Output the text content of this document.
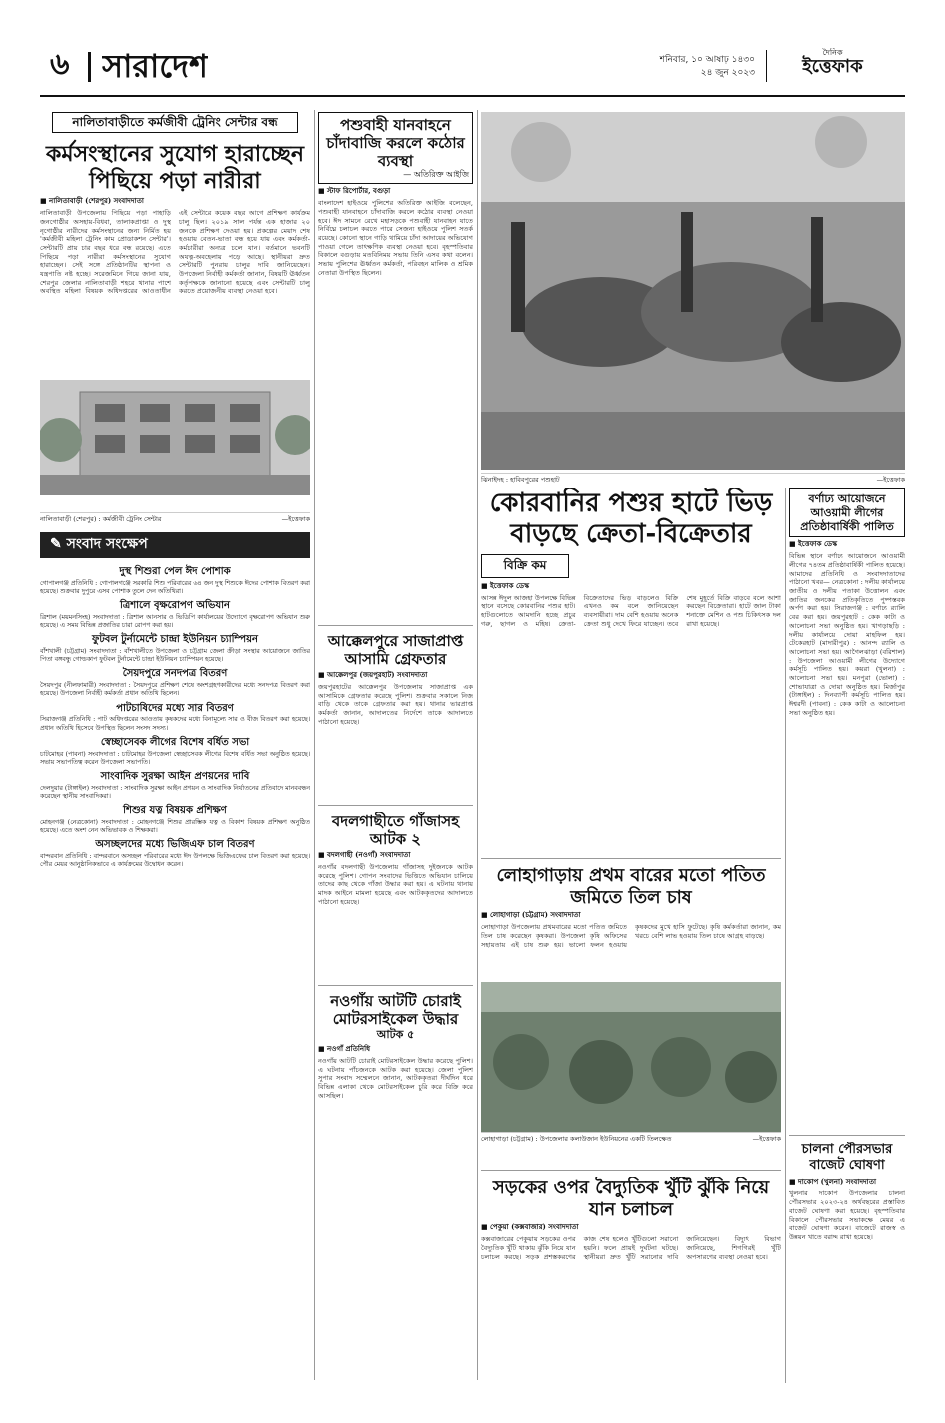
৬ সারাদেশ	শনিবার, ১০ আষাঢ় ১৪৩০
২৪ জুন ২০২৩
দৈনিক
ইত্তেফাক
নালিতাবাড়ীতে কর্মজীবী ট্রেনিং সেন্টার বন্ধ
কর্মসংস্থানের সুযোগ হারাচ্ছেন পিছিয়ে পড়া নারীরা
■ নালিতাবাড়ী (শেরপুর) সংবাদদাতা
নালিতাবাড়ী উপজেলায় পিছিয়ে পড়া পাহাড়ি জনগোষ্ঠীর অসহায়-বিধবা, তালাকপ্রাপ্তা ও দুস্থ নৃগোষ্ঠীর নারীদের কর্মসংস্থানের জন্য নির্মিত হয় 'কর্মজীবী মহিলা ট্রেনিং কাম প্রোডাকশন সেন্টার'। সেন্টারটি প্রায় চার বছর ধরে বন্ধ রয়েছে। এতে পিছিয়ে পড়া নারীরা কর্মসংস্থানের সুযোগ হারাচ্ছেন। সেই সঙ্গে প্রতিষ্ঠানটির স্থাপনা ও যন্ত্রপাতি নষ্ট হচ্ছে। সরেজমিনে গিয়ে জানা যায়, শেরপুর জেলার নালিতাবাড়ী শহরে থানার পাশে অবস্থিত মহিলা বিষয়ক অধিদপ্তরের আওতাধীন এই সেন্টারে কয়েক বছর আগে প্রশিক্ষণ কার্যক্রম চালু ছিল। ২০১৯ সাল পর্যন্ত এক হাজার ২০ জনকে প্রশিক্ষণ দেওয়া হয়। প্রকল্পের মেয়াদ শেষ হওয়ায় বেতন-ভাতা বন্ধ হয়ে যায় এবং কর্মকর্তা-কর্মচারীরা অন্যত্র চলে যান। বর্তমানে ভবনটি অযত্ন-অবহেলায় পড়ে আছে। স্থানীয়রা দ্রুত সেন্টারটি পুনরায় চালুর দাবি জানিয়েছেন। উপজেলা নির্বাহী কর্মকর্তা জানান, বিষয়টি ঊর্ধ্বতন কর্তৃপক্ষকে জানানো হয়েছে এবং সেন্টারটি চালু করতে প্রয়োজনীয় ব্যবস্থা নেওয়া হবে।
নালিতাবাড়ী (শেরপুর) : কর্মজীবী ট্রেনিং সেন্টার	—ইত্তেফাক
✎ সংবাদ সংক্ষেপ
দুস্থ শিশুরা পেল ঈদ পোশাক
গোপালগঞ্জ প্রতিনিধি : গোপালগঞ্জে সরকারি শিশু পরিবারের ৬৪ জন দুস্থ শিশুকে ঈদের পোশাক বিতরণ করা হয়েছে। শুক্রবার দুপুরে এসব পোশাক তুলে দেন অতিথিরা।
ত্রিশালে বৃক্ষরোপণ অভিযান
ত্রিশাল (ময়মনসিংহ) সংবাদদাতা : ত্রিশাল আনসার ও ভিডিপি কার্যালয়ের উদ্যোগে বৃক্ষরোপণ অভিযান শুরু হয়েছে। এ সময় বিভিন্ন প্রজাতির চারা রোপণ করা হয়।
ফুটবল টুর্নামেন্টে চান্দ্রা ইউনিয়ন চ্যাম্পিয়ন
বাঁশখালী (চট্টগ্রাম) সংবাদদাতা : বাঁশখালীতে উপজেলা ও চট্টগ্রাম জেলা ক্রীড়া সংস্থার আয়োজনে জাতির পিতা বঙ্গবন্ধু গোল্ডকাপ ফুটবল টুর্নামেন্টে চান্দ্রা ইউনিয়ন চ্যাম্পিয়ন হয়েছে।
সৈয়দপুরে সনদপত্র বিতরণ
সৈয়দপুর (নীলফামারী) সংবাদদাতা : সৈয়দপুরে প্রশিক্ষণ শেষে অংশগ্রহণকারীদের মধ্যে সনদপত্র বিতরণ করা হয়েছে। উপজেলা নির্বাহী কর্মকর্তা প্রধান অতিথি ছিলেন।
পাটচাষিদের মধ্যে সার বিতরণ
সিরাজগঞ্জ প্রতিনিধি : পাট অধিদপ্তরের আওতায় কৃষকদের মধ্যে বিনামূল্যে সার ও বীজ বিতরণ করা হয়েছে। প্রধান অতিথি হিসেবে উপস্থিত ছিলেন সংসদ সদস্য।
স্বেচ্ছাসেবক লীগের বিশেষ বর্ধিত সভা
চাটমোহর (পাবনা) সংবাদদাতা : চাটমোহর উপজেলা স্বেচ্ছাসেবক লীগের বিশেষ বর্ধিত সভা অনুষ্ঠিত হয়েছে। সভায় সভাপতিত্ব করেন উপজেলা সভাপতি।
সাংবাদিক সুরক্ষা আইন প্রণয়নের দাবি
দেলদুয়ার (টাঙ্গাইল) সংবাদদাতা : সাংবাদিক সুরক্ষা আইন প্রণয়ন ও সাংবাদিক নির্যাতনের প্রতিবাদে মানববন্ধন করেছেন স্থানীয় সাংবাদিকরা।
শিশুর যত্ন বিষয়ক প্রশিক্ষণ
মোহনগঞ্জ (নেত্রকোনা) সংবাদদাতা : মোহনগঞ্জে শিশুর প্রারম্ভিক যত্ন ও বিকাশ বিষয়ক প্রশিক্ষণ অনুষ্ঠিত হয়েছে। এতে অংশ নেন অভিভাবক ও শিক্ষকরা।
অসচ্ছলদের মধ্যে ভিজিএফ চাল বিতরণ
বান্দরবান প্রতিনিধি : বান্দরবানে অসচ্ছল পরিবারের মধ্যে ঈদ উপলক্ষে ভিজিএফের চাল বিতরণ করা হয়েছে। পৌর মেয়র আনুষ্ঠানিকভাবে এ কার্যক্রমের উদ্বোধন করেন।
পশুবাহী যানবাহনে চাঁদাবাজি করলে কঠোর ব্যবস্থা
— অতিরিক্ত আইজি
■ স্টাফ রিপোর্টার, বগুড়া
বাংলাদেশ হাইওয়ে পুলিশের অতিরিক্ত আইজি বলেছেন, পশুবাহী যানবাহনে চাঁদাবাজি করলে কঠোর ব্যবস্থা নেওয়া হবে। ঈদ সামনে রেখে মহাসড়কে পশুবাহী যানবাহন যাতে নির্বিঘ্নে চলাচল করতে পারে সেজন্য হাইওয়ে পুলিশ সতর্ক রয়েছে। কোনো স্থানে গাড়ি থামিয়ে চাঁদা আদায়ের অভিযোগ পাওয়া গেলে তাৎক্ষণিক ব্যবস্থা নেওয়া হবে। বৃহস্পতিবার বিকালে বগুড়ায় মতবিনিময় সভায় তিনি এসব কথা বলেন। সভায় পুলিশের ঊর্ধ্বতন কর্মকর্তা, পরিবহন মালিক ও শ্রমিক নেতারা উপস্থিত ছিলেন।
আক্কেলপুরে সাজাপ্রাপ্ত আসামি গ্রেফতার
■ আক্কেলপুর (জয়পুরহাট) সংবাদদাতা
জয়পুরহাটের আক্কেলপুর উপজেলায় সাজাপ্রাপ্ত এক আসামিকে গ্রেফতার করেছে পুলিশ। শুক্রবার সকালে নিজ বাড়ি থেকে তাকে গ্রেফতার করা হয়। থানার ভারপ্রাপ্ত কর্মকর্তা জানান, আদালতের নির্দেশে তাকে আদালতে পাঠানো হয়েছে।
বদলগাছীতে গাঁজাসহ আটক ২
■ বদলগাছী (নওগাঁ) সংবাদদাতা
নওগাঁর বদলগাছী উপজেলায় গাঁজাসহ দুইজনকে আটক করেছে পুলিশ। গোপন সংবাদের ভিত্তিতে অভিযান চালিয়ে তাদের কাছ থেকে গাঁজা উদ্ধার করা হয়। এ ঘটনায় থানায় মাদক আইনে মামলা হয়েছে এবং আটককৃতদের আদালতে পাঠানো হয়েছে।
নওগাঁয় আটটি চোরাই মোটরসাইকেল উদ্ধার
আটক ৫
■ নওগাঁ প্রতিনিধি
নওগাঁয় আটটি চোরাই মোটরসাইকেল উদ্ধার করেছে পুলিশ। এ ঘটনায় পাঁচজনকে আটক করা হয়েছে। জেলা পুলিশ সুপার সংবাদ সম্মেলনে জানান, আটককৃতরা দীর্ঘদিন ধরে বিভিন্ন এলাকা থেকে মোটরসাইকেল চুরি করে বিক্রি করে আসছিল।
ঝিনাইদহ : হাবিবপুরের পশুহাট	—ইত্তেফাক
কোরবানির পশুর হাটে ভিড় বাড়ছে ক্রেতা-বিক্রেতার
বিক্রি কম
■ ইত্তেফাক ডেস্ক
আসন্ন ঈদুল আজহা উপলক্ষে বিভিন্ন স্থানে বসেছে কোরবানির পশুর হাট। হাটগুলোতে আমদানি হচ্ছে প্রচুর গরু, ছাগল ও মহিষ। ক্রেতা-বিক্রেতাদের ভিড় বাড়লেও বিক্রি এখনও কম বলে জানিয়েছেন ব্যবসায়ীরা। দাম বেশি হওয়ায় অনেক ক্রেতা শুধু দেখে ফিরে যাচ্ছেন। তবে শেষ মুহূর্তে বিক্রি বাড়বে বলে আশা করছেন বিক্রেতারা। হাটে জাল টাকা শনাক্তে মেশিন ও পশু চিকিৎসক দল রাখা হয়েছে।
লোহাগাড়ায় প্রথম বারের মতো পতিত জমিতে তিল চাষ
■ লোহাগাড়া (চট্টগ্রাম) সংবাদদাতা
লোহাগাড়া উপজেলায় প্রথমবারের মতো পতিত জমিতে তিল চাষ করেছেন কৃষকরা। উপজেলা কৃষি অফিসের সহায়তায় এই চাষ শুরু হয়। ভালো ফলন হওয়ায় কৃষকদের মুখে হাসি ফুটেছে। কৃষি কর্মকর্তারা জানান, কম খরচে বেশি লাভ হওয়ায় তিল চাষে আগ্রহ বাড়ছে।
লোহাগাড়া (চট্টগ্রাম) : উপজেলার কলাউজান ইউনিয়নের একটি তিলক্ষেত	—ইত্তেফাক
সড়কের ওপর বৈদ্যুতিক খুঁটি ঝুঁকি নিয়ে যান চলাচল
■ পেকুয়া (কক্সবাজার) সংবাদদাতা
কক্সবাজারের পেকুয়ায় সড়কের ওপর বৈদ্যুতিক খুঁটি থাকায় ঝুঁকি নিয়ে যান চলাচল করছে। সড়ক প্রশস্তকরণের কাজ শেষ হলেও খুঁটিগুলো সরানো হয়নি। ফলে প্রায়ই দুর্ঘটনা ঘটছে। স্থানীয়রা দ্রুত খুঁটি সরানোর দাবি জানিয়েছেন। বিদ্যুৎ বিভাগ জানিয়েছে, শিগগিরই খুঁটি অপসারণের ব্যবস্থা নেওয়া হবে।
বর্ণাঢ্য আয়োজনে আওয়ামী লীগের প্রতিষ্ঠাবার্ষিকী পালিত
■ ইত্তেফাক ডেস্ক
বিভিন্ন স্থানে বর্ণাঢ্য আয়োজনে আওয়ামী লীগের ৭৪তম প্রতিষ্ঠাবার্ষিকী পালিত হয়েছে। আমাদের প্রতিনিধি ও সংবাদদাতাদের পাঠানো খবর— নেত্রকোনা : দলীয় কার্যালয়ে জাতীয় ও দলীয় পতাকা উত্তোলন এবং জাতির জনকের প্রতিকৃতিতে পুষ্পস্তবক অর্পণ করা হয়। সিরাজগঞ্জ : বর্ণাঢ্য র‍্যালি বের করা হয়। জয়পুরহাট : কেক কাটা ও আলোচনা সভা অনুষ্ঠিত হয়। খাগড়াছড়ি : দলীয় কার্যালয়ে দোয়া মাহফিল হয়। টেকেরহাট (মাদারীপুর) : আনন্দ র‍্যালি ও আলোচনা সভা হয়। আগৈলঝাড়া (বরিশাল) : উপজেলা আওয়ামী লীগের উদ্যোগে কর্মসূচি পালিত হয়। কয়রা (খুলনা) : আলোচনা সভা হয়। মনপুরা (ভোলা) : শোভাযাত্রা ও দোয়া অনুষ্ঠিত হয়। মির্জাপুর (টাঙ্গাইল) : দিনব্যাপী কর্মসূচি পালিত হয়। ঈশ্বরদী (পাবনা) : কেক কাটা ও আলোচনা সভা অনুষ্ঠিত হয়।
চালনা পৌরসভার বাজেট ঘোষণা
■ দাকোপ (খুলনা) সংবাদদাতা
খুলনার দাকোপ উপজেলার চালনা পৌরসভার ২০২৩-২৪ অর্থবছরের প্রস্তাবিত বাজেট ঘোষণা করা হয়েছে। বৃহস্পতিবার বিকালে পৌরসভার সভাকক্ষে মেয়র এ বাজেট ঘোষণা করেন। বাজেটে রাজস্ব ও উন্নয়ন খাতে বরাদ্দ রাখা হয়েছে।
